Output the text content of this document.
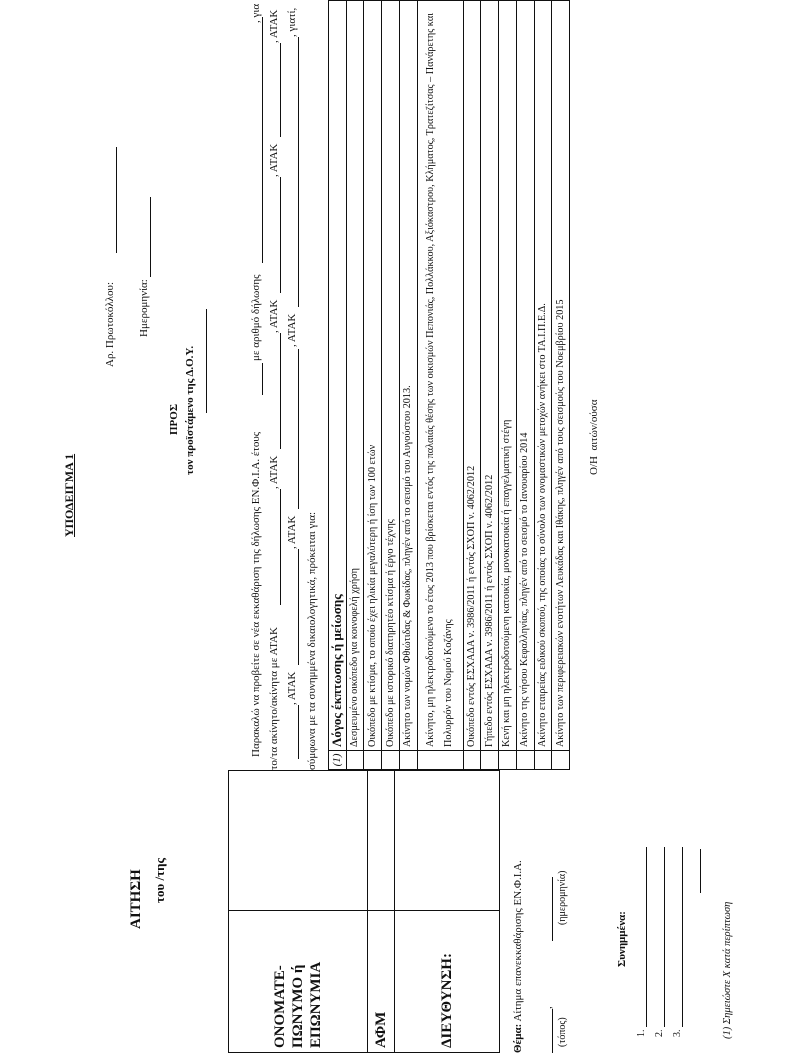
ΑΙΤΗΣΗ του /της
ΟΝΟΜΑΤΕ-ΠΩΝΥΜΟ ή ΕΠΩΝΥΜΙΑ	
ΑΦΜ	
ΔΙΕΥΘΥΝΣΗ:		Θέμα: Αίτημα επανεκκαθάρισης ΕΝ.Φ.Ι.Α. ,
(τόπος)
(ημερομηνία)
Συνημμένα:
1. 2. 3.	(1) Σημειώστε Χ κατά περίπτωση
ΥΠΟΔΕΙΓΜΑ 1
Αρ. Πρωτοκόλλου: Ημερομηνία:
ΠΡΟΣ τον προϊστάμενο της Δ.Ο.Υ.
Παρακαλώ να προβείτε σε νέα εκκαθάριση της δήλωσης ΕΝ.Φ.Ι.Α. έτους
με αριθμό δήλωσης
, για
το/τα ακίνητο/ακίνητα με ΑΤΑΚ
, ΑΤΑΚ
, ΑΤΑΚ
, ΑΤΑΚ
, ΑΤΑΚ
, ΑΤΑΚ
, ΑΤΑΚ
, ΑΤΑΚ
, γιατί,
σύμφωνα με τα συνημμένα δικαιολογητικά, πρόκειται για: (1)	Λόγος έκπτωσης ή μείωσης
	Δεσμευμένο οικόπεδο για κοινοφελή χρήση
	Οικόπεδο με κτίσμα, το οποίο έχει ηλικία μεγαλύτερη ή ίση των 100 ετών
	Οικόπεδο με ιστορικό διατηρητέο κτίσμα ή έργο τέχνης
	Ακίνητο των νομών Φθιώτιδας & Φωκίδας, πληγέν από το σεισμό του Αυγούστου 2013.
	Ακίνητο, μη ηλεκτροδοτούμενο το έτος 2013 που βρίσκεται εντός της παλαιάς θέσης των οικισμών Πεπονιάς, Πολλάκκου, Αξιόκαστρου, Κλήματος, Τρατεζίτσας – Πανάρετης και Πολυρρόν του Νομού Κοζάνης
	Οικόπεδο εντός ΕΣΧΑΔΑ ν. 3986/2011 ή εντός ΣΧΟΠ ν. 4062/2012
	Γήπεδο εντός ΕΣΧΑΔΑ ν. 3986/2011 ή εντός ΣΧΟΠ ν. 4062/2012
	Κενή και μη ηλεκτροδοτούμενη κατοικία, μονοκατοικία ή επαγγελματική στέγη
	Ακίνητο της νήσου Κεφαλληνίας, πληγέν από το σεισμό το Ιανουαρίου 2014
	Ακίνητο εταιρείας ειδικού σκοπού, της οποίας το σύνολο των ονομαστικών μετοχών ανήκει στο ΤΑ.Ι.Π.Ε.Δ.
	Ακίνητο των περιφερειακών ενοτήτων Λευκάδας και Ιθάκης, πληγέν από τους σεισμούς του Νοεμβρίου 2015 Ο/Η  αιτών/ούσα
